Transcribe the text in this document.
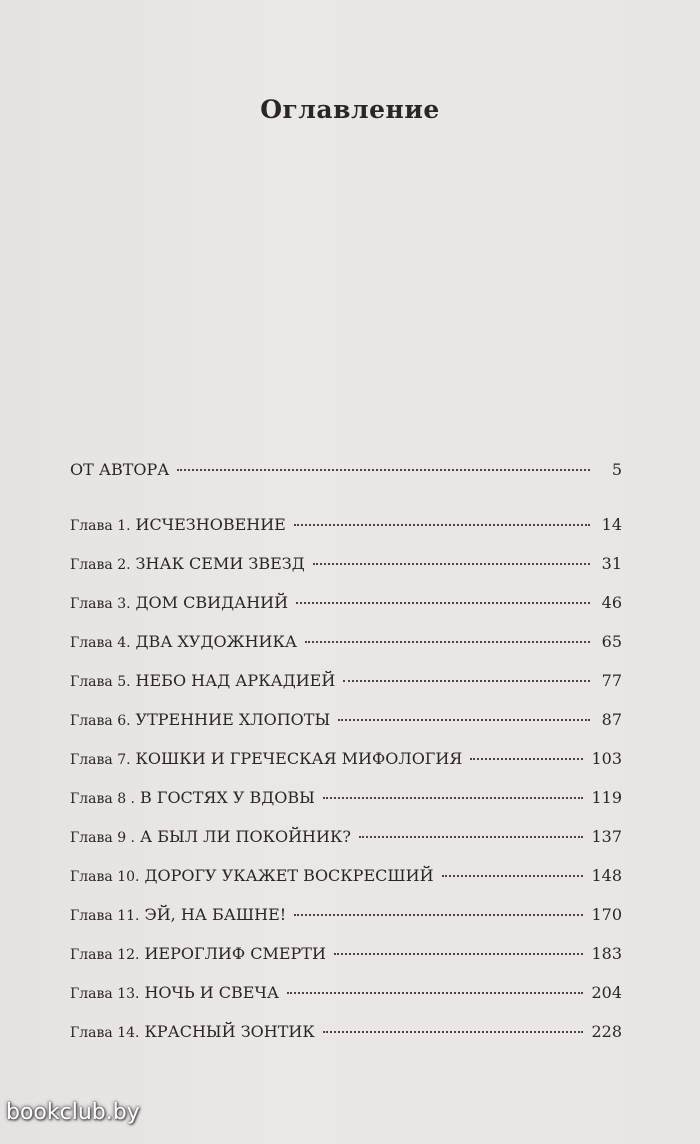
Оглавление
ОТ АВТОРА	5
Глава 1. ИСЧЕЗНОВЕНИЕ	14
Глава 2. ЗНАК СЕМИ ЗВЕЗД	31
Глава 3. ДОМ СВИДАНИЙ	46
Глава 4. ДВА ХУДОЖНИКА	65
Глава 5. НЕБО НАД АРКАДИЕЙ	77
Глава 6. УТРЕННИЕ ХЛОПОТЫ	87
Глава 7. КОШКИ И ГРЕЧЕСКАЯ МИФОЛОГИЯ	103
Глава 8 . В ГОСТЯХ У ВДОВЫ	119
Глава 9 . А БЫЛ ЛИ ПОКОЙНИК?	137
Глава 10. ДОРОГУ УКАЖЕТ ВОСКРЕСШИЙ	148
Глава 11. ЭЙ, НА БАШНЕ!	170
Глава 12. ИЕРОГЛИФ СМЕРТИ	183
Глава 13. НОЧЬ И СВЕЧА	204
Глава 14. КРАСНЫЙ ЗОНТИК	228
bookclub.by
